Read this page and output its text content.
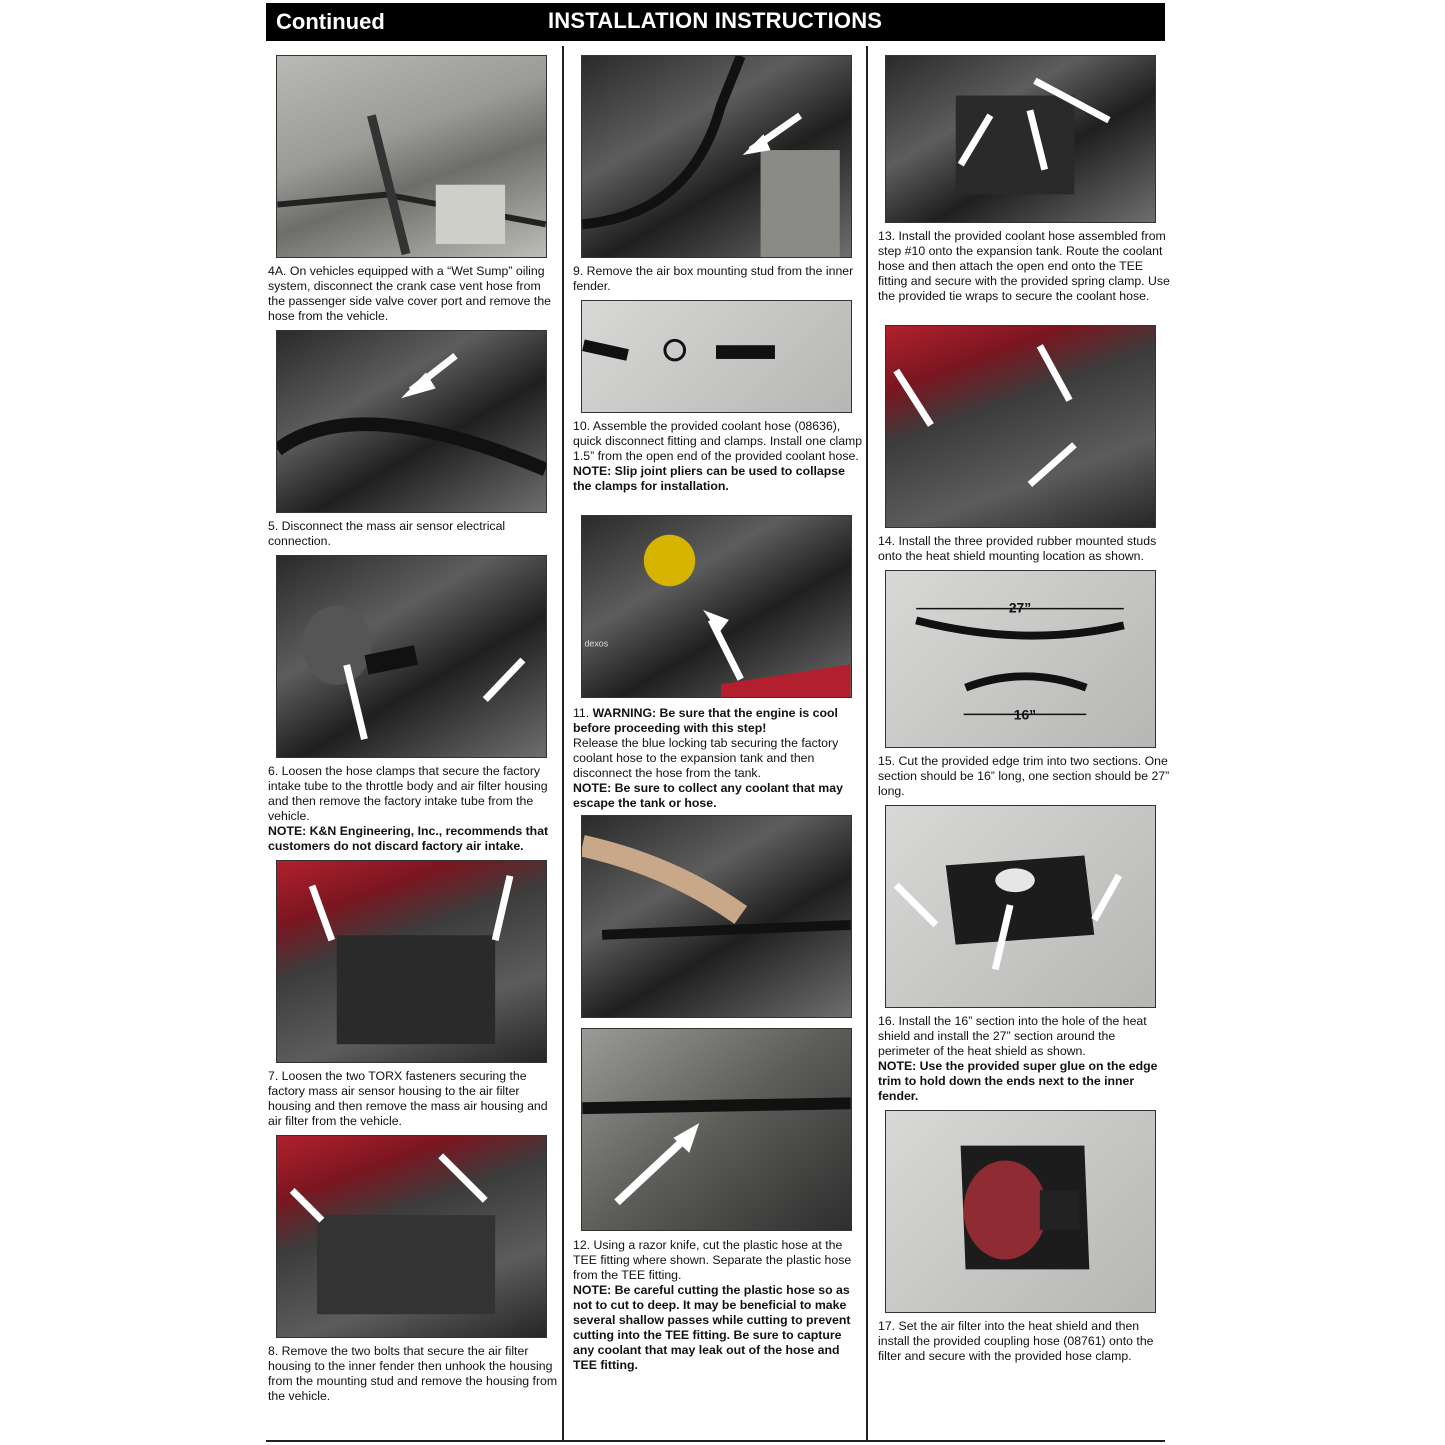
Continued	INSTALLATION INSTRUCTIONS

4A. On vehicles equipped with a “Wet Sump” oiling system, disconnect the crank case vent hose from the passenger side valve cover port and remove the hose from the vehicle.

5. Disconnect the mass air sensor electrical connection.

6. Loosen the hose clamps that secure the factory intake tube to the throttle body and air filter housing and then remove the factory intake tube from the vehicle.

NOTE: K&N Engineering, Inc., recommends that customers do not discard factory air intake.

7. Loosen the two TORX fasteners securing the factory mass air sensor housing to the air filter housing and then remove the mass air housing and air filter from the vehicle.

8. Remove the two bolts that secure the air filter housing to the inner fender then unhook the housing from the mounting stud and remove the housing from the vehicle.

9. Remove the air box mounting stud from the inner fender.

10. Assemble the provided coolant hose (08636), quick disconnect fitting and clamps. Install one clamp 1.5” from the open end of the provided coolant hose.

NOTE: Slip joint pliers can be used to collapse the clamps for installation.

dexos

11. WARNING: Be sure that the engine is cool before proceeding with this step!

Release the blue locking tab securing the factory coolant hose to the expansion tank and then disconnect the hose from the tank.

NOTE: Be sure to collect any coolant that may escape the tank or hose.

12. Using a razor knife, cut the plastic hose at the TEE fitting where shown. Separate the plastic hose from the TEE fitting.

NOTE: Be careful cutting the plastic hose so as not to cut to deep. It may be beneficial to make several shallow passes while cutting to prevent cutting into the TEE fitting. Be sure to capture any coolant that may leak out of the hose and TEE fitting.

13. Install the provided coolant hose assembled from step #10 onto the expansion tank. Route the coolant hose and then attach the open end onto the TEE fitting and secure with the provided spring clamp. Use the provided tie wraps to secure the coolant hose.

14. Install the three provided rubber mounted studs onto the heat shield mounting location as shown.

27”
16”

15. Cut the provided edge trim into two sections. One section should be 16” long, one section should be 27” long.

16. Install the 16” section into the hole of the heat shield and install the 27” section around the perimeter of the heat shield as shown.

NOTE: Use the provided super glue on the edge trim to hold down the ends next to the inner fender.

17. Set the air filter into the heat shield and then install the provided coupling hose (08761) onto the filter and secure with the provided hose clamp.
